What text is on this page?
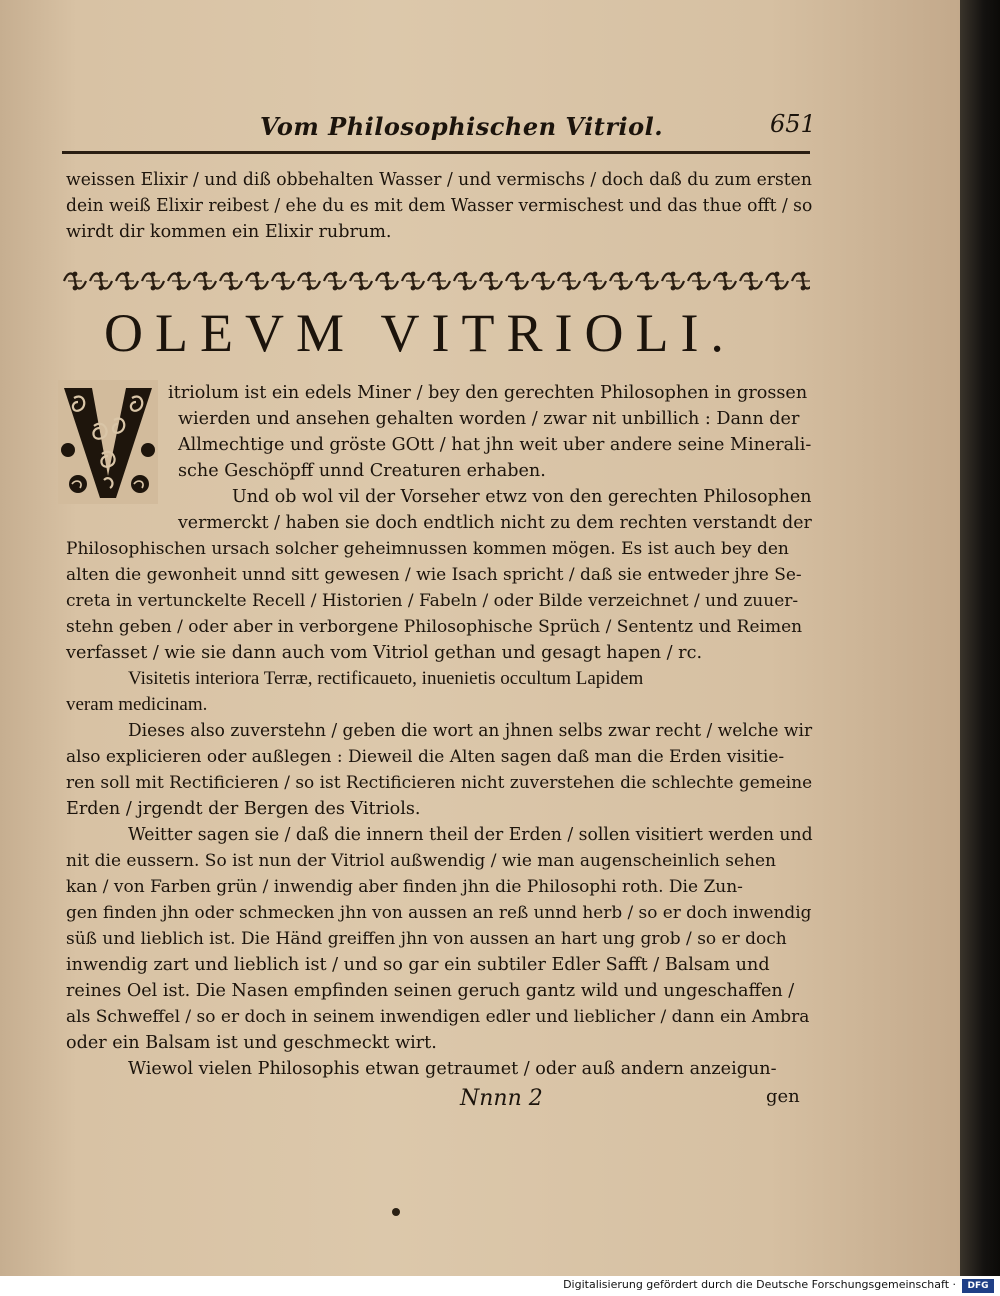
Vom Philosophischen Vitriol.	651
weissen Elixir / und diß obbehalten Wasser / und vermischs / doch daß du zum ersten
dein weiß Elixir reibest / ehe du es mit dem Wasser vermischest und das thue offt / so
wirdt dir kommen ein Elixir rubrum.
OLEVM VITRIOLI.
itriolum ist ein edels Miner / bey den gerechten Philosophen in grossen
wierden und ansehen gehalten worden / zwar nit unbillich : Dann der
Allmechtige und gröste GOtt / hat jhn weit uber andere seine Minerali-
sche Geschöpff unnd Creaturen erhaben.
Und ob wol vil der Vorseher etwz von den gerechten Philosophen
vermerckt / haben sie doch endtlich nicht zu dem rechten verstandt der
Philosophischen ursach solcher geheimnussen kommen mögen. Es ist auch bey den
alten die gewonheit unnd sitt gewesen / wie Isach spricht / daß sie entweder jhre Se-
creta in vertunckelte Recell / Historien / Fabeln / oder Bilde verzeichnet / und zuuer-
stehn geben / oder aber in verborgene Philosophische Sprüch / Sententz und Reimen
verfasset / wie sie dann auch vom Vitriol gethan und gesagt hapen / rc.
Visitetis interiora Terræ, rectificaueto, inuenietis occultum Lapidem
veram medicinam.
Dieses also zuverstehn / geben die wort an jhnen selbs zwar recht / welche wir
also explicieren oder außlegen : Dieweil die Alten sagen daß man die Erden visitie-
ren soll mit Rectificieren / so ist Rectificieren nicht zuverstehen die schlechte gemeine
Erden / jrgendt der Bergen des Vitriols.
Weitter sagen sie / daß die innern theil der Erden / sollen visitiert werden und
nit die eussern. So ist nun der Vitriol außwendig / wie man augenscheinlich sehen
kan / von Farben grün / inwendig aber finden jhn die Philosophi roth. Die Zun-
gen finden jhn oder schmecken jhn von aussen an reß unnd herb / so er doch inwendig
süß und lieblich ist. Die Händ greiffen jhn von aussen an hart ung grob / so er doch
inwendig zart und lieblich ist / und so gar ein subtiler Edler Safft / Balsam und
reines Oel ist. Die Nasen empfinden seinen geruch gantz wild und ungeschaffen /
als Schweffel / so er doch in seinem inwendigen edler und lieblicher / dann ein Ambra
oder ein Balsam ist und geschmeckt wirt.
Wiewol vielen Philosophis etwan getraumet / oder auß andern anzeigun-
Nnnn 2	gen
Digitalisierung gefördert durch die Deutsche Forschungsgemeinschaft ·	DFG
